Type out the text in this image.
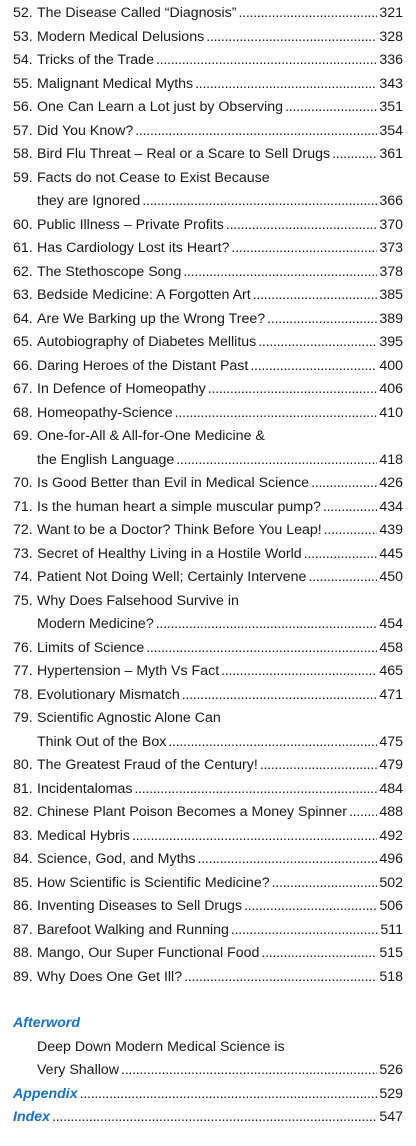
52. The Disease Called “Diagnosis” . . .	321
53. Modern Medical Delusions . . .	328
54. Tricks of the Trade . . .	336
55. Malignant Medical Myths . . .	343
56. One Can Learn a Lot just by Observing . . .	351
57. Did You Know? . . .	354
58. Bird Flu Threat – Real or a Scare to Sell Drugs . . .	361
59. Facts do not Cease to Exist Because
they are Ignored . . .	366
60. Public Illness – Private Profits . . .	370
61. Has Cardiology Lost its Heart? . . .	373
62. The Stethoscope Song . . .	378
63. Bedside Medicine: A Forgotten Art . . .	385
64. Are We Barking up the Wrong Tree? . . .	389
65. Autobiography of Diabetes Mellitus . . .	395
66. Daring Heroes of the Distant Past . . .	400
67. In Defence of Homeopathy . . .	406
68. Homeopathy-Science . . .	410
69. One-for-All & All-for-One Medicine &
the English Language . . .	418
70. Is Good Better than Evil in Medical Science . . .	426
71. Is the human heart a simple muscular pump? . . .	434
72. Want to be a Doctor? Think Before You Leap! . . .	439
73. Secret of Healthy Living in a Hostile World . . .	445
74. Patient Not Doing Well; Certainly Intervene . . .	450
75. Why Does Falsehood Survive in
Modern Medicine? . . .	454
76. Limits of Science . . .	458
77. Hypertension – Myth Vs Fact . . .	465
78. Evolutionary Mismatch . . .	471
79. Scientific Agnostic Alone Can
Think Out of the Box . . .	475
80. The Greatest Fraud of the Century! . . .	479
81. Incidentalomas . . .	484
82. Chinese Plant Poison Becomes a Money Spinner . . . 488
83. Medical Hybris . . .	492
84. Science, God, and Myths . . .	496
85. How Scientific is Scientific Medicine? . . .	502
86. Inventing Diseases to Sell Drugs . . .	506
87. Barefoot Walking and Running . . .	511
88. Mango, Our Super Functional Food . . .	515
89. Why Does One Get Ill? . . .	518
Afterword
Deep Down Modern Medical Science is
Very Shallow . . .	526
Appendix . . .	529
Index . . .	547
